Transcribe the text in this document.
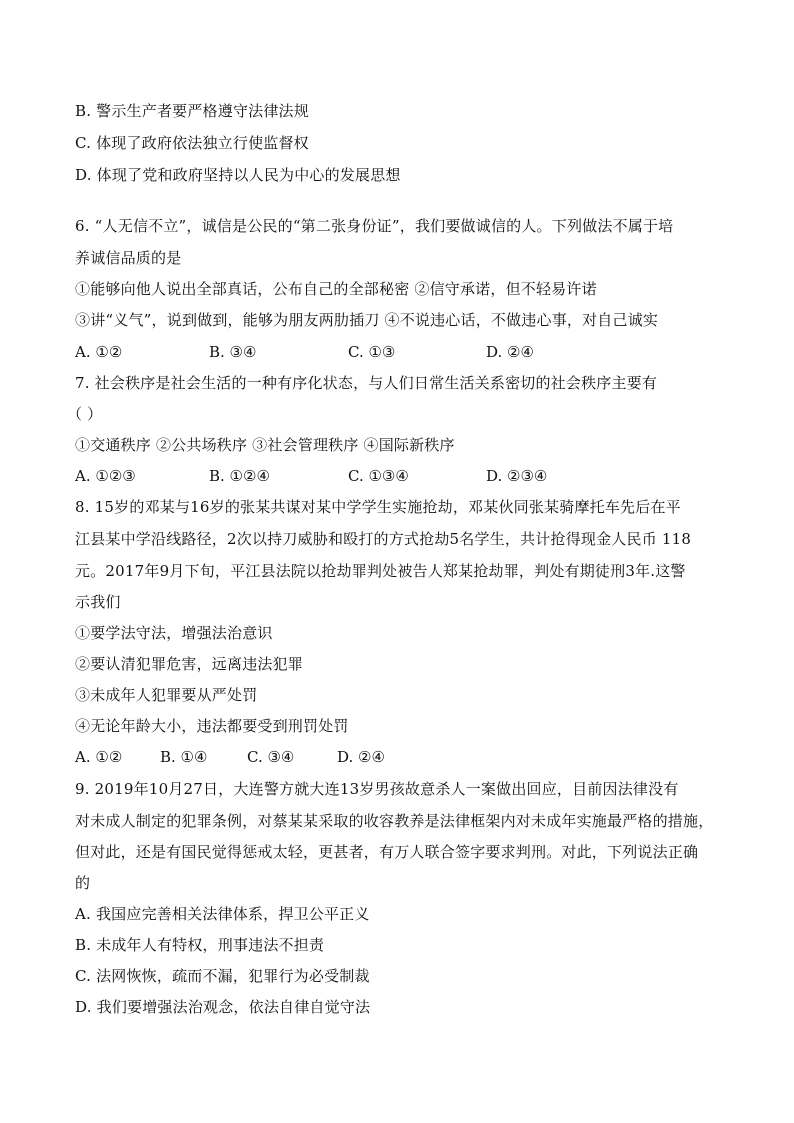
B. 警示生产者要严格遵守法律法规
C. 体现了政府依法独立行使监督权
D. 体现了党和政府坚持以人民为中心的发展思想
6. “人无信不立”，诚信是公民的“第二张身份证”，我们要做诚信的人。下列做法不属于培
养诚信品质的是
①能够向他人说出全部真话，公布自己的全部秘密 ②信守承诺，但不轻易许诺
③讲“义气”，说到做到，能够为朋友两肋插刀 ④不说违心话，不做违心事，对自己诚实
A. ①②	B. ③④	C. ①③	D. ②④
7. 社会秩序是社会生活的一种有序化状态，与人们日常生活关系密切的社会秩序主要有
（ ）
①交通秩序 ②公共场秩序 ③社会管理秩序 ④国际新秩序
A. ①②③	B. ①②④	C. ①③④	D. ②③④
8. 15岁的邓某与16岁的张某共谋对某中学学生实施抢劫，邓某伙同张某骑摩托车先后在平
江县某中学沿线路径，2次以持刀威胁和殴打的方式抢劫5名学生，共计抢得现金人民币 118
元。2017年9月下旬，平江县法院以抢劫罪判处被告人郑某抢劫罪，判处有期徒刑3年.这警
示我们
①要学法守法，增强法治意识
②要认清犯罪危害，远离违法犯罪
③未成年人犯罪要从严处罚
④无论年龄大小，违法都要受到刑罚处罚
A. ①②	B. ①④	C. ③④	D. ②④
9. 2019年10月27日，大连警方就大连13岁男孩故意杀人一案做出回应，目前因法律没有
对未成人制定的犯罪条例，对蔡某某采取的收容教养是法律框架内对未成年实施最严格的措施，
但对此，还是有国民觉得惩戒太轻，更甚者，有万人联合签字要求判刑。对此，下列说法正确
的
A. 我国应完善相关法律体系，捍卫公平正义
B. 未成年人有特权，刑事违法不担责
C. 法网恢恢，疏而不漏，犯罪行为必受制裁
D. 我们要增强法治观念，依法自律自觉守法
